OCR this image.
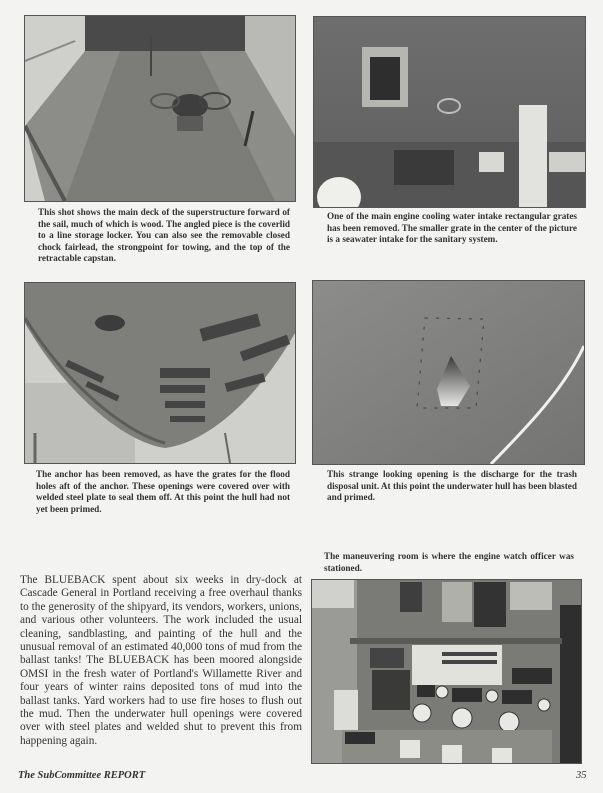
This shot shows the main deck of the superstructure forward of the sail, much of which is wood. The angled piece is the coverlid to a line storage locker. You can also see the removable closed chock fairlead, the strongpoint for towing, and the top of the retractable capstan.

One of the main engine cooling water intake rectangular grates has been removed. The smaller grate in the center of the picture is a seawater intake for the sanitary system.

The anchor has been removed, as have the grates for the flood holes aft of the anchor. These openings were covered over with welded steel plate to seal them off. At this point the hull had not yet been primed.

This strange looking opening is the discharge for the trash disposal unit. At this point the underwater hull has been blasted and primed.

The maneuvering room is where the engine watch officer was stationed.

The BLUEBACK spent about six weeks in dry-dock at Cascade General in Portland receiving a free overhaul thanks to the generosity of the shipyard, its vendors, workers, unions, and various other volunteers. The work included the usual cleaning, sandblasting, and painting of the hull and the unusual removal of an estimated 40,000 tons of mud from the ballast tanks! The BLUEBACK has been moored alongside OMSI in the fresh water of Portland's Willamette River and four years of winter rains deposited tons of mud into the ballast tanks. Yard workers had to use fire hoses to flush out the mud. Then the underwater hull openings were covered over with steel plates and welded shut to prevent this from happening again.

The SubCommittee REPORT	35
